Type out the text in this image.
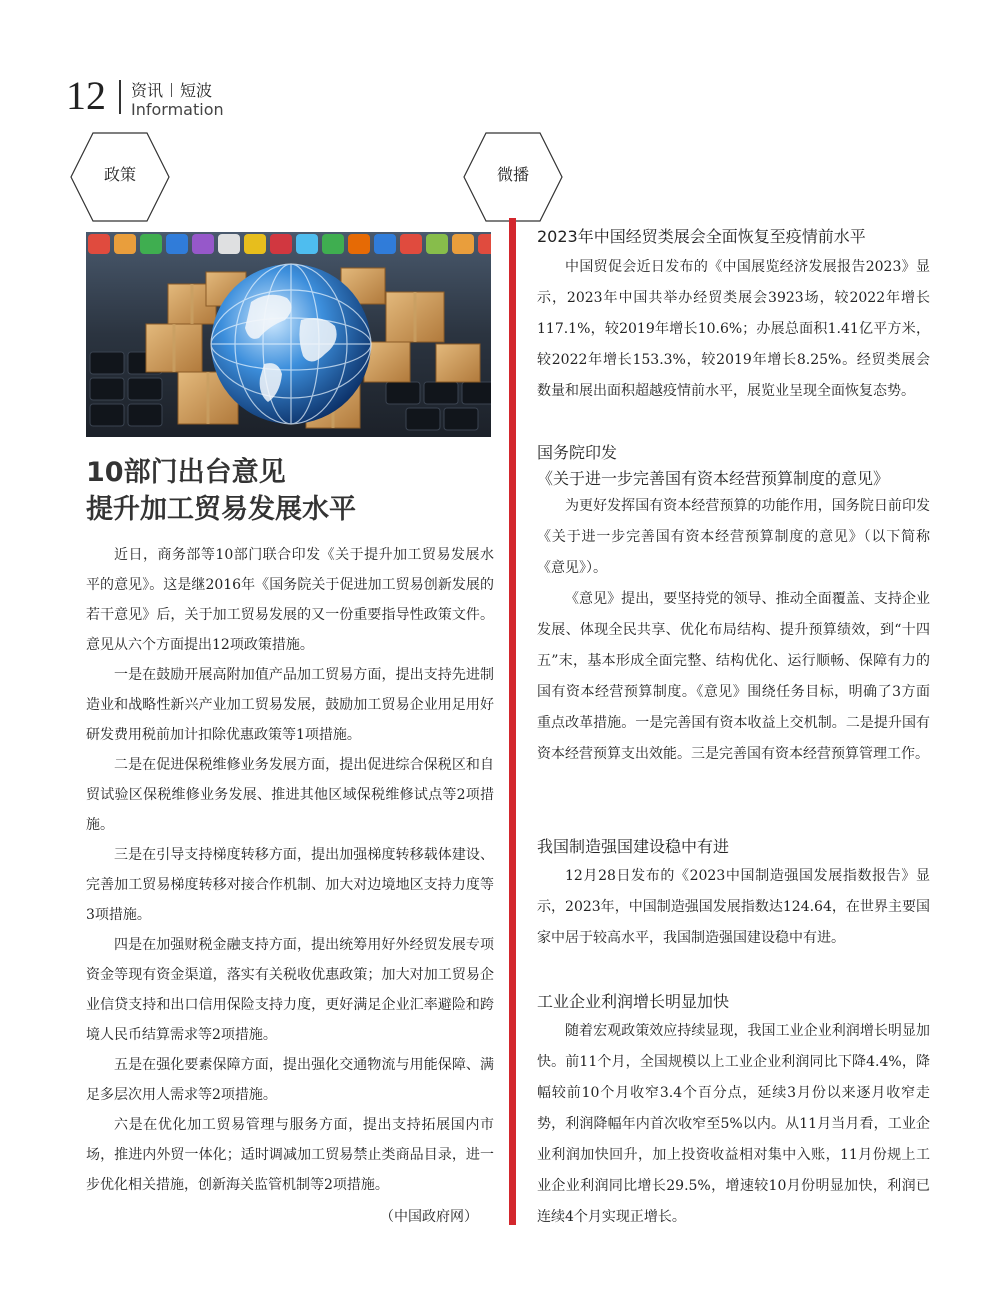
12 资讯 短波
Information
政策	微播
10部门出台意见
提升加工贸易发展水平

近日，商务部等10部门联合印发《关于提升加工贸易发展水平的意见》。这是继2016年《国务院关于促进加工贸易创新发展的若干意见》后，关于加工贸易发展的又一份重要指导性政策文件。意见从六个方面提出12项政策措施。

一是在鼓励开展高附加值产品加工贸易方面，提出支持先进制造业和战略性新兴产业加工贸易发展，鼓励加工贸易企业用足用好研发费用税前加计扣除优惠政策等1项措施。

二是在促进保税维修业务发展方面，提出促进综合保税区和自贸试验区保税维修业务发展、推进其他区域保税维修试点等2项措施。

三是在引导支持梯度转移方面，提出加强梯度转移载体建设、完善加工贸易梯度转移对接合作机制、加大对边境地区支持力度等3项措施。

四是在加强财税金融支持方面，提出统筹用好外经贸发展专项资金等现有资金渠道，落实有关税收优惠政策；加大对加工贸易企业信贷支持和出口信用保险支持力度，更好满足企业汇率避险和跨境人民币结算需求等2项措施。

五是在强化要素保障方面，提出强化交通物流与用能保障、满足多层次用人需求等2项措施。

六是在优化加工贸易管理与服务方面，提出支持拓展国内市场，推进内外贸一体化；适时调减加工贸易禁止类商品目录，进一步优化相关措施，创新海关监管机制等2项措施。

（中国政府网）
2023年中国经贸类展会全面恢复至疫情前水平

中国贸促会近日发布的《中国展览经济发展报告2023》显示，2023年中国共举办经贸类展会3923场，较2022年增长117.1%，较2019年增长10.6%；办展总面积1.41亿平方米，较2022年增长153.3%，较2019年增长8.25%。经贸类展会数量和展出面积超越疫情前水平，展览业呈现全面恢复态势。

国务院印发
《关于进一步完善国有资本经营预算制度的意见》

为更好发挥国有资本经营预算的功能作用，国务院日前印发《关于进一步完善国有资本经营预算制度的意见》（以下简称《意见》）。

《意见》提出，要坚持党的领导、推动全面覆盖、支持企业发展、体现全民共享、优化布局结构、提升预算绩效，到“十四五”末，基本形成全面完整、结构优化、运行顺畅、保障有力的国有资本经营预算制度。《意见》围绕任务目标，明确了3方面重点改革措施。一是完善国有资本收益上交机制。二是提升国有资本经营预算支出效能。三是完善国有资本经营预算管理工作。

我国制造强国建设稳中有进

12月28日发布的《2023中国制造强国发展指数报告》显示，2023年，中国制造强国发展指数达124.64，在世界主要国家中居于较高水平，我国制造强国建设稳中有进。

工业企业利润增长明显加快

随着宏观政策效应持续显现，我国工业企业利润增长明显加快。前11个月，全国规模以上工业企业利润同比下降4.4%，降幅较前10个月收窄3.4个百分点，延续3月份以来逐月收窄走势，利润降幅年内首次收窄至5%以内。从11月当月看，工业企业利润加快回升，加上投资收益相对集中入账，11月份规上工业企业利润同比增长29.5%，增速较10月份明显加快，利润已连续4个月实现正增长。
